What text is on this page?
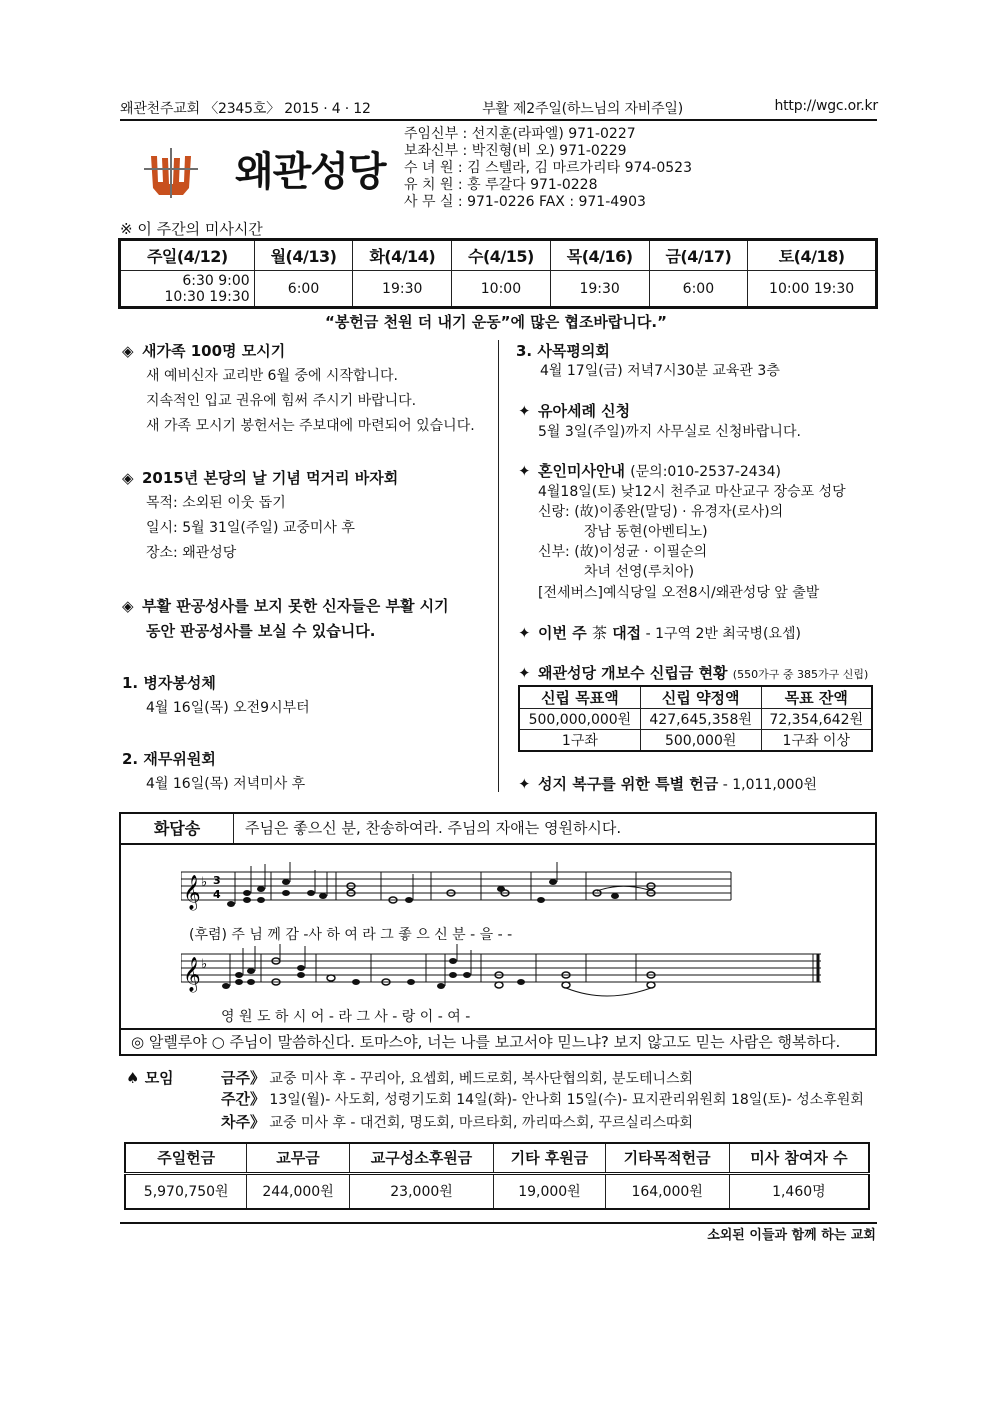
왜관천주교회 〈2345호〉 2015 · 4 · 12	부활 제2주일(하느님의 자비주일)	http://wgc.or.kr
왜관성당
주임신부 : 선지훈(라파엘) 971-0227
보좌신부 : 박진형(비 오) 971-0229
수 녀 원 : 김 스텔라, 김 마르가리타 974-0523
유 치 원 : 홍 루갈다 971-0228
사 무 실 : 971-0226 FAX : 971-4903
※ 이 주간의 미사시간
주일(4/12)	월(4/13)	화(4/14)	수(4/15)	목(4/16)	금(4/17)	토(4/18)

6:30 9:00
10:30 19:30	6:00	19:30	10:00	19:30	6:00	10:00 19:30
“봉헌금 천원 더 내기 운동”에 많은 협조바랍니다.”
◈ 새가족 100명 모시기
새 예비신자 교리반 6월 중에 시작합니다.
지속적인 입교 권유에 힘써 주시기 바랍니다.
새 가족 모시기 봉헌서는 주보대에 마련되어 있습니다.
◈ 2015년 본당의 날 기념 먹거리 바자회
목적: 소외된 이웃 돕기
일시: 5월 31일(주일) 교중미사 후
장소: 왜관성당
◈ 부활 판공성사를 보지 못한 신자들은 부활 시기
동안 판공성사를 보실 수 있습니다.
1. 병자봉성체
4월 16일(목) 오전9시부터
2. 재무위원회
4월 16일(목) 저녁미사 후
3. 사목평의회
4월 17일(금) 저녁7시30분 교육관 3층
✦ 유아세례 신청
5월 3일(주일)까지 사무실로 신청바랍니다.
✦ 혼인미사안내 (문의:010-2537-2434)
4월18일(토) 낮12시 천주교 마산교구 장승포 성당
신랑: (故)이종완(말딩) · 유경자(로사)의
장남 동현(아벤티노)
신부: (故)이성균 · 이필순의
차녀 선영(루치아)
[전세버스]예식당일 오전8시/왜관성당 앞 출발
✦ 이번 주 茶 대접 - 1구역 2반 최국병(요셉)
✦ 왜관성당 개보수 신립금 현황 (550가구 중 385가구 신립)
신립 목표액	신립 약정액	목표 잔액
500,000,000원	427,645,358원	72,354,642원
1구좌	500,000원	1구좌 이상
✦ 성지 복구를 위한 특별 헌금 - 1,011,000원
화답송	주님은 좋으신 분, 찬송하여라. 주님의 자애는 영원하시다.
𝄞 ♭ 3
4
(후렴) 주 님 께 감 -사 하 여 라 그 좋 으 신 분 - 을 - -
𝄞 ♭
영 원 도 하 시 어 - 라 그 사 - 랑 이 - 여 -
◎ 알렐루야 ○ 주님이 말씀하신다. 토마스야, 너는 나를 보고서야 믿느냐? 보지 않고도 믿는 사람은 행복하다.
♠ 모임	금주》 교중 미사 후 - 꾸리아, 요셉회, 베드로회, 복사단협의회, 분도테니스회
주간》 13일(월)- 사도회, 성령기도회 14일(화)- 안나회 15일(수)- 묘지관리위원회 18일(토)- 성소후원회
차주》 교중 미사 후 - 대건회, 명도회, 마르타회, 까리따스회, 꾸르실리스따회
주일헌금	교무금	교구성소후원금	기타 후원금	기타목적헌금	미사 참여자 수
5,970,750원	244,000원	23,000원	19,000원	164,000원	1,460명
소외된 이들과 함께 하는 교회
